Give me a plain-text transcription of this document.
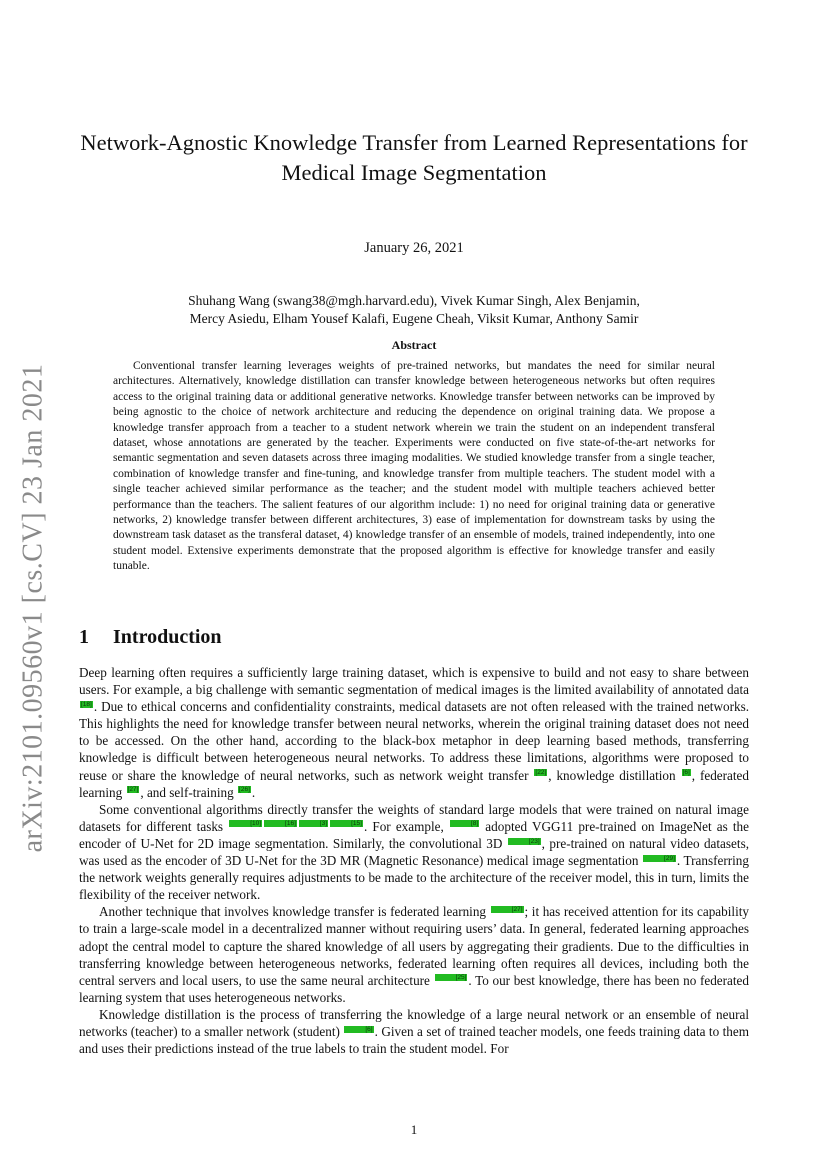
arXiv:2101.09560v1 [cs.CV] 23 Jan 2021
Network-Agnostic Knowledge Transfer from Learned Representations for Medical Image Segmentation
January 26, 2021
Shuhang Wang (swang38@mgh.harvard.edu), Vivek Kumar Singh, Alex Benjamin,
Mercy Asiedu, Elham Yousef Kalafi, Eugene Cheah, Viksit Kumar, Anthony Samir
Abstract

Conventional transfer learning leverages weights of pre-trained networks, but mandates the need for similar neural architectures. Alternatively, knowledge distillation can transfer knowledge between heterogeneous networks but often requires access to the original training data or additional generative networks. Knowledge transfer between networks can be improved by being agnostic to the choice of network architecture and reducing the dependence on original training data. We propose a knowledge transfer approach from a teacher to a student network wherein we train the student on an independent transferal dataset, whose annotations are generated by the teacher. Experiments were conducted on five state-of-the-art networks for semantic segmentation and seven datasets across three imaging modalities. We studied knowledge transfer from a single teacher, combination of knowledge transfer and fine-tuning, and knowledge transfer from multiple teachers. The student model with a single teacher achieved similar performance as the teacher; and the student model with multiple teachers achieved better performance than the teachers. The salient features of our algorithm include: 1) no need for original training data or generative networks, 2) knowledge transfer between different architectures, 3) ease of implementation for downstream tasks by using the downstream task dataset as the transferal dataset, 4) knowledge transfer of an ensemble of models, trained independently, into one student model. Extensive experiments demonstrate that the proposed algorithm is effective for knowledge transfer and easily tunable.

1 Introduction

Deep learning often requires a sufficiently large training dataset, which is expensive to build and not easy to share between users. For example, a big challenge with semantic segmentation of medical images is the limited availability of annotated data [18] . Due to ethical concerns and confidentiality constraints, medical datasets are not often released with the trained networks. This highlights the need for knowledge transfer between neural networks, wherein the original training dataset does not need to be accessed. On the other hand, according to the black-box metaphor in deep learning based methods, transferring knowledge is difficult between heterogeneous neural networks. To address these limitations, algorithms were proposed to reuse or share the knowledge of neural networks, such as network weight transfer [22] , knowledge distillation [6] , federated learning [27] , and self-training [26] .

Some conventional algorithms directly transfer the weights of standard large models that were trained on natural image datasets for different tasks	[10]	[16]	[3]	[15] . For example,	[8] adopted VGG11 pre-trained on ImageNet as the encoder of U-Net for 2D image segmentation. Similarly, the convolutional 3D	[23] , pre-trained on natural video datasets, was used as the encoder of 3D U-Net for the 3D MR (Magnetic Resonance) medical image segmentation	[29] . Transferring the network weights generally requires adjustments to be made to the architecture of the receiver model, this in turn, limits the flexibility of the receiver network.

Another technique that involves knowledge transfer is federated learning	[27] ; it has received attention for its capability to train a large-scale model in a decentralized manner without requiring users’ data. In general, federated learning approaches adopt the central model to capture the shared knowledge of all users by aggregating their gradients. Due to the difficulties in transferring knowledge between heterogeneous networks, federated learning often requires all devices, including both the central servers and local users, to use the same neural architecture	[25] . To our best knowledge, there has been no federated learning system that uses heterogeneous networks.

Knowledge distillation is the process of transferring the knowledge of a large neural network or an ensemble of neural networks (teacher) to a smaller network (student)	[6] . Given a set of trained teacher models, one feeds training data to them and uses their predictions instead of the true labels to train the student model. For

1
